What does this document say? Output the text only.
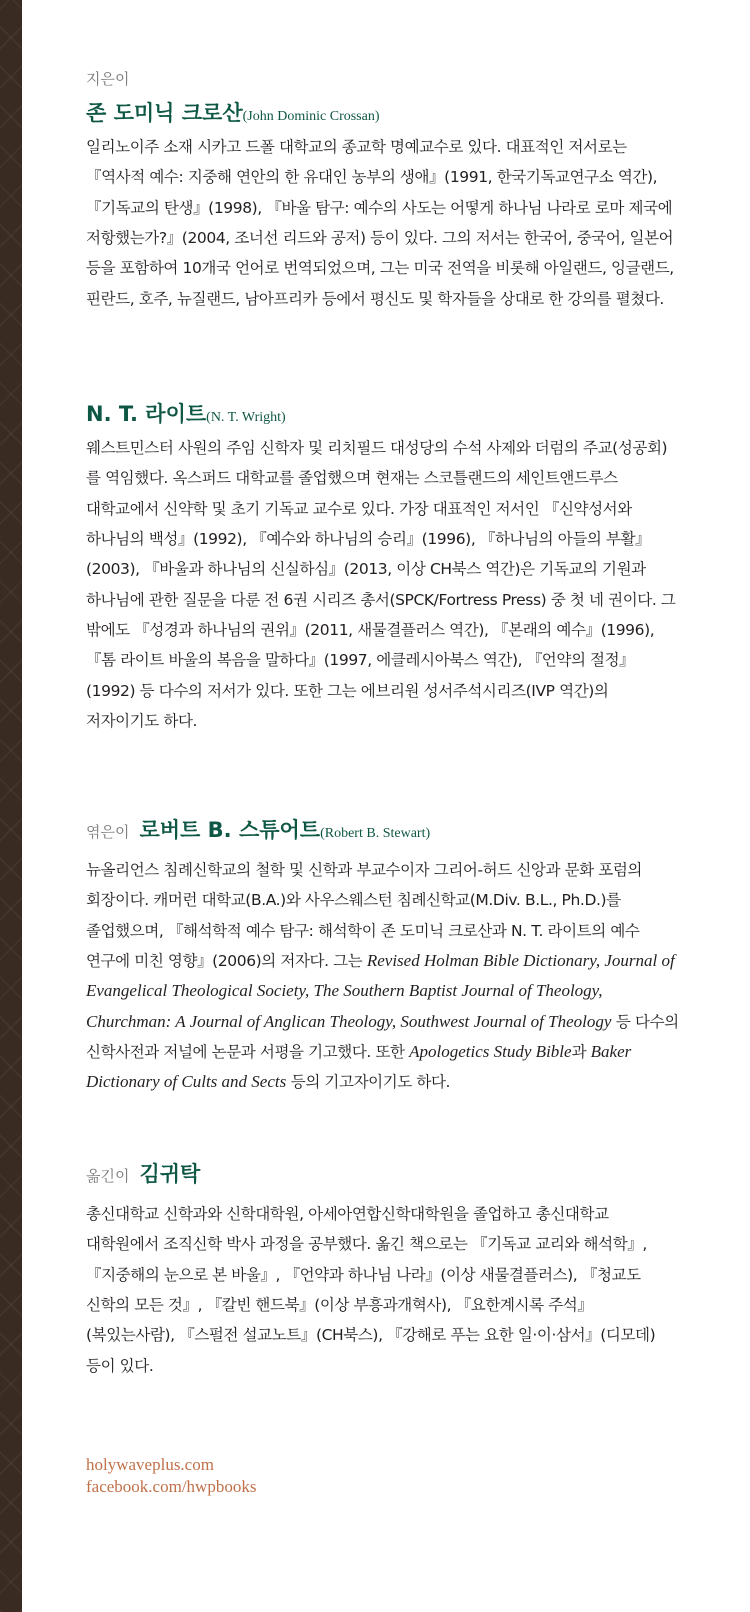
지은이

존 도미닉 크로산(John Dominic Crossan)

일리노이주 소재 시카고 드폴 대학교의 종교학 명예교수로 있다. 대표적인 저서로는 『역사적 예수: 지중해 연안의 한 유대인 농부의 생애』(1991, 한국기독교연구소 역간), 『기독교의 탄생』(1998), 『바울 탐구: 예수의 사도는 어떻게 하나님 나라로 로마 제국에 저항했는가?』(2004, 조너선 리드와 공저) 등이 있다. 그의 저서는 한국어, 중국어, 일본어 등을 포함하여 10개국 언어로 번역되었으며, 그는 미국 전역을 비롯해 아일랜드, 잉글랜드, 핀란드, 호주, 뉴질랜드, 남아프리카 등에서 평신도 및 학자들을 상대로 한 강의를 펼쳤다.

N. T. 라이트(N. T. Wright)

웨스트민스터 사원의 주임 신학자 및 리치필드 대성당의 수석 사제와 더럼의 주교(성공회)를 역임했다. 옥스퍼드 대학교를 졸업했으며 현재는 스코틀랜드의 세인트앤드루스 대학교에서 신약학 및 초기 기독교 교수로 있다. 가장 대표적인 저서인 『신약성서와 하나님의 백성』(1992), 『예수와 하나님의 승리』(1996), 『하나님의 아들의 부활』(2003), 『바울과 하나님의 신실하심』(2013, 이상 CH북스 역간)은 기독교의 기원과 하나님에 관한 질문을 다룬 전 6권 시리즈 총서(SPCK/Fortress Press) 중 첫 네 권이다. 그 밖에도 『성경과 하나님의 권위』(2011, 새물결플러스 역간), 『본래의 예수』(1996), 『톰 라이트 바울의 복음을 말하다』(1997, 에클레시아북스 역간), 『언약의 절정』(1992) 등 다수의 저서가 있다. 또한 그는 에브리원 성서주석시리즈(IVP 역간)의 저자이기도 하다.

엮은이 로버트 B. 스튜어트(Robert B. Stewart)

뉴올리언스 침례신학교의 철학 및 신학과 부교수이자 그리어-허드 신앙과 문화 포럼의 회장이다. 캐머런 대학교(B.A.)와 사우스웨스턴 침례신학교(M.Div. B.L., Ph.D.)를 졸업했으며, 『해석학적 예수 탐구: 해석학이 존 도미닉 크로산과 N. T. 라이트의 예수 연구에 미친 영향』(2006)의 저자다. 그는 Revised Holman Bible Dictionary, Journal of Evangelical Theological Society, The Southern Baptist Journal of Theology, Churchman: A Journal of Anglican Theology, Southwest Journal of Theology 등 다수의 신학사전과 저널에 논문과 서평을 기고했다. 또한 Apologetics Study Bible과 Baker Dictionary of Cults and Sects 등의 기고자이기도 하다.

옮긴이 김귀탁

총신대학교 신학과와 신학대학원, 아세아연합신학대학원을 졸업하고 총신대학교 대학원에서 조직신학 박사 과정을 공부했다. 옮긴 책으로는 『기독교 교리와 해석학』, 『지중해의 눈으로 본 바울』, 『언약과 하나님 나라』(이상 새물결플러스), 『청교도 신학의 모든 것』, 『칼빈 핸드북』(이상 부흥과개혁사), 『요한계시록 주석』(복있는사람), 『스펄전 설교노트』(CH북스), 『강해로 푸는 요한 일·이·삼서』(디모데) 등이 있다.

holywaveplus.com
facebook.com/hwpbooks
